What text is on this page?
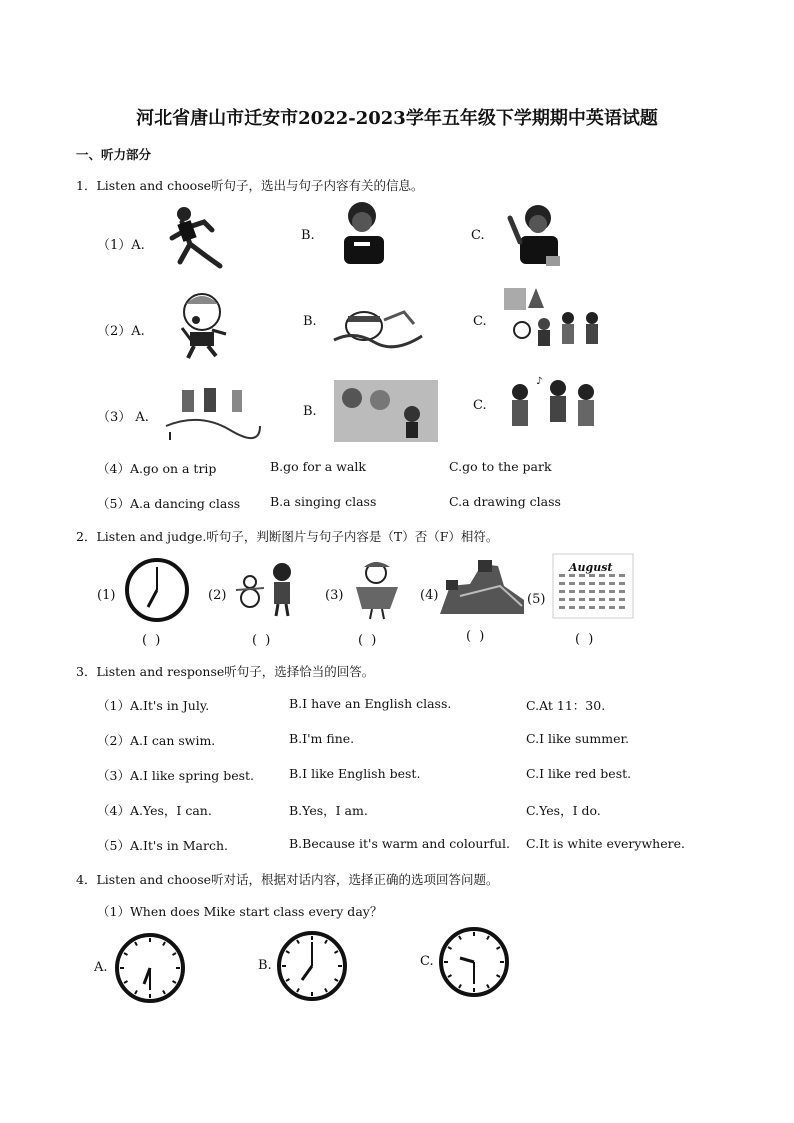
河北省唐山市迁安市2022-2023学年五年级下学期期中英语试题
一、听力部分
1．Listen and choose听句子，选出与句子内容有关的信息。
（1）A.
B.	C.
（2）A.
B.	C.
（3） A.	B.	C.
♪
（4）A.go on a trip	B.go for a walk	C.go to the park
（5）A.a dancing class B.a singing class	C.a drawing class
2．Listen and judge.听句子，判断图片与句子内容是（T）否（F）相符。
(1)
( )
(2)
( )
(3)
( )
(4)
( )
(5)
August
( )
3．Listen and response听句子，选择恰当的回答。
（1）A.It's in July.	B.I have an English class.	C.At 11：30.
（2）A.I can swim.	B.I'm fine.	C.I like summer.
（3）A.I like spring best.	B.I like English best.	C.I like red best.
（4）A.Yes，I can.	B.Yes，I am.	C.Yes，I do.
（5）A.It's in March.	B.Because it's warm and colourful. C.It is white everywhere.
4．Listen and choose听对话，根据对话内容，选择正确的选项回答问题。
（1）When does Mike start class every day？
A.	B.	C.
